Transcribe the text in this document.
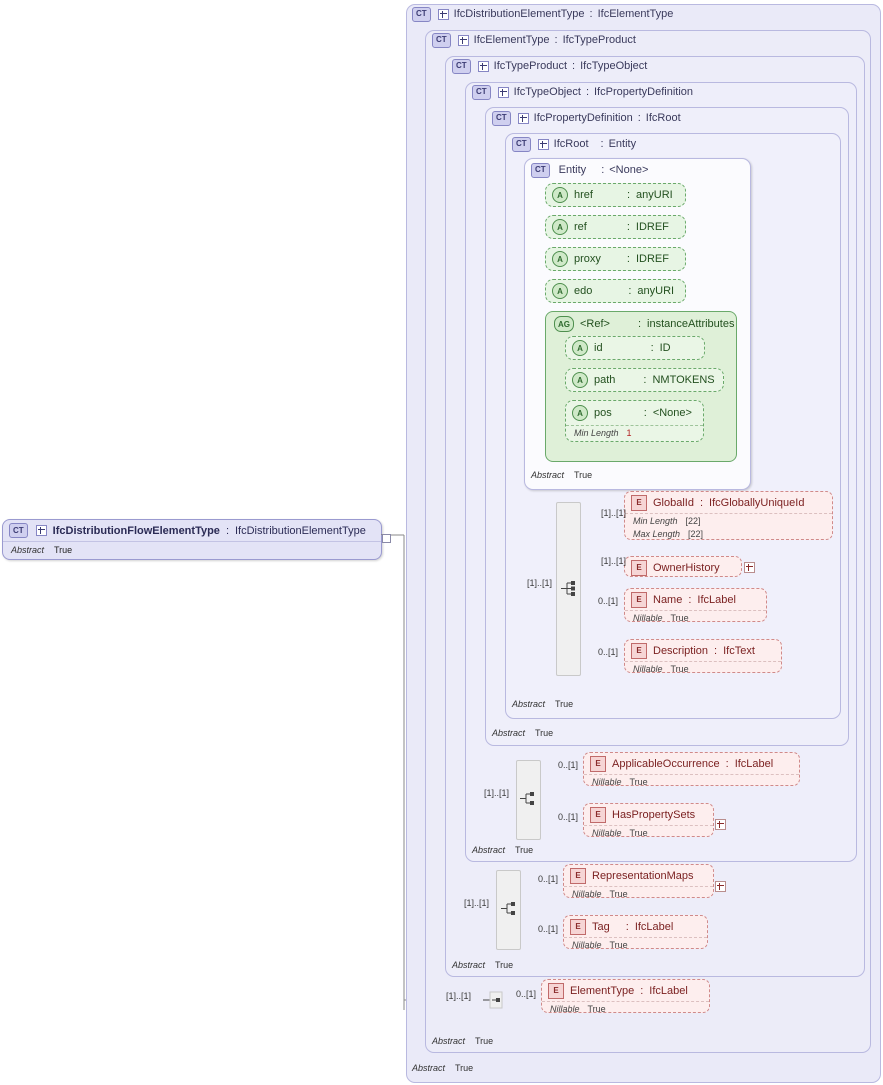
CT	IfcDistributionElementType : IfcElementType
Abstract True
CT	IfcElementType : IfcTypeProduct
Abstract True
CT	IfcTypeProduct : IfcTypeObject
Abstract True
CT	IfcTypeObject : IfcPropertyDefinition
Abstract True
CT	IfcPropertyDefinition : IfcRoot
Abstract True
CT	IfcRoot : Entity
Abstract True
CT	Entity : <None>
Abstract True
CT	IfcDistributionFlowElementType : IfcDistributionElementType
Abstract True
A	href	: anyURI
A	ref	: IDREF
A	proxy : IDREF
A	edo	: anyURI
AG <Ref>	: instanceAttributes
A	id	: ID
A	path	: NMTOKENS
A	pos	: <None>
Min Length 1
[1]..[1]
E	GlobalId : IfcGloballyUniqueId
Min Length [22]
Max Length [22]
[1]..[1]
E	OwnerHistory
[1]..[1]
E	Name : IfcLabel
Nillable True
0..[1]
E	Description : IfcText
Nillable True
0..[1]
[1]..[1]
E	ApplicableOccurrence : IfcLabel
Nillable True
0..[1]
E	HasPropertySets
Nillable True
0..[1]
[1]..[1]
E	RepresentationMaps
Nillable True
0..[1]
E	Tag : IfcLabel
Nillable True
0..[1]
[1]..[1]
E	ElementType : IfcLabel
Nillable True
0..[1]
